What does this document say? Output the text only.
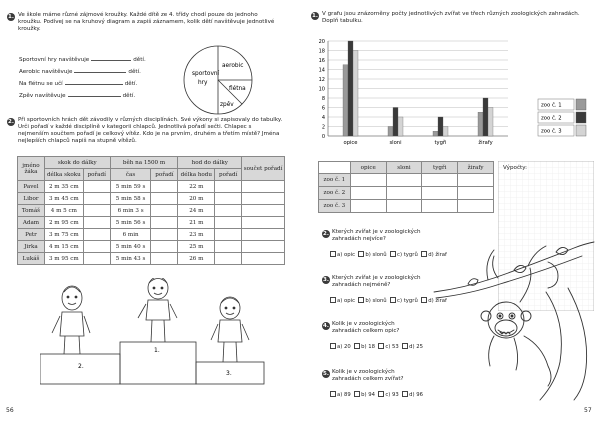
1. Ve škole máme různé zájmové kroužky. Každé dítě ze 4. třídy chodí pouze do jednoho kroužku. Podívej se na kruhový diagram a zapiš záznamem, kolik dětí navštěvuje jednotlivé kroužky.
Sportovní hry navštěvuje	dětí.
Aerobic navštěvuje	dětí.
Na flétnu se učí	dětí.
Zpěv navštěvuje	dětí.
sportovní
hry
aerobic
flétna
zpěv
2. Při sportovních hrách dět závodily v různých disciplínách. Své výkony si zapisovaly do tabulky. Urči pořadí v každé disciplíně v kategorii chlapců. Jednotlivá pořadí sečti. Chlapec s nejmenším součtem pořadí je celkový vítěz. Kdo je na prvním, druhém a třetím místě? Jména nejlepších chlapců napiš na stupně vítězů.
jméno žáka	skok do dálky		běh na 1500 m		hod do dálky		součet pořadí
	délka skoku	pořadí	čas	pořadí	délka hodu	pořadí	
Pavel	2 m 35 cm		5 min 59 s		22 m		
Libor	3 m 45 cm		5 min 58 s		20 m		
Tomáš	4 m 5 cm		6 min 3 s		24 m		
Adam	2 m 95 cm		5 min 56 s		21 m		
Petr	3 m 75 cm		6 min		23 m		
Jirka	4 m 15 cm		5 min 40 s		25 m		
Lukáš	3 m 95 cm		5 min 43 s		26 m		
2.
1.
3.
56
1. V grafu jsou znázorněny počty jednotlivých zvířat ve třech různých zoologických zahradách. Doplň tabulku.
0
2
4
6
8
10
12
14
16
18
20
opice	sloni	tygři	žirafy
zoo č. 1
zoo č. 2
zoo č. 3
	opice	sloni	tygři	žirafy
zoo č. 1				
zoo č. 2				
zoo č. 3				
Výpočty:
2. Kterých zvířat je v zoologických zahradách nejvíce?
a) opic b) slonů c) tygrů d) žiraf
3. Kterých zvířat je v zoologických zahradách nejméně?
a) opic b) slonů c) tygrů d) žiraf
4. Kolik je v zoologických zahradách celkem opic?
a) 20 b) 18 c) 53 d) 25
5. Kolik je v zoologických zahradách celkem zvířat?
a) 89 b) 94 c) 93 d) 96
57
